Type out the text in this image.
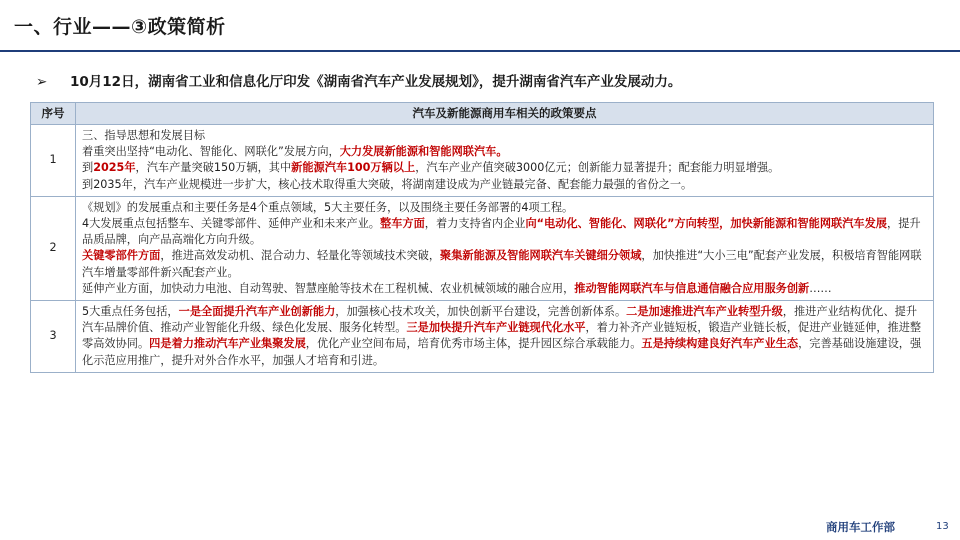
一、行业——③政策简析
➢ 10月12日，湖南省工业和信息化厅印发《湖南省汽车产业发展规划》，提升湖南省汽车产业发展动力。
序号	汽车及新能源商用车相关的政策要点
1	三、指导思想和发展目标
着重突出坚持“电动化、智能化、网联化”发展方向，大力发展新能源和智能网联汽车。
到2025年，汽车产量突破150万辆，其中新能源汽车100万辆以上，汽车产业产值突破3000亿元；创新能力显著提升；配套能力明显增强。
到2035年，汽车产业规模进一步扩大，核心技术取得重大突破，将湖南建设成为产业链最完备、配套能力最强的省份之一。

2	《规划》的发展重点和主要任务是4个重点领域，5大主要任务，以及围绕主要任务部署的4项工程。
4大发展重点包括整车、关键零部件、延伸产业和未来产业。整车方面，着力支持省内企业向“电动化、智能化、网联化”方向转型，加快新能源和智能网联汽车发展，提升品质品牌，向产品高端化方向升级。
关键零部件方面，推进高效发动机、混合动力、轻量化等领域技术突破，聚集新能源及智能网联汽车关键细分领域，加快推进“大小三电”配套产业发展，积极培育智能网联汽车增量零部件新兴配套产业。
延伸产业方面，加快动力电池、自动驾驶、智慧座舱等技术在工程机械、农业机械领域的融合应用，推动智能网联汽车与信息通信融合应用服务创新……

3	5大重点任务包括，一是全面提升汽车产业创新能力，加强核心技术攻关，加快创新平台建设，完善创新体系。二是加速推进汽车产业转型升级，推进产业结构优化、提升汽车品牌价值、推动产业智能化升级、绿色化发展、服务化转型。三是加快提升汽车产业链现代化水平，着力补齐产业链短板，锻造产业链长板，促进产业链延伸，推进整零高效协同。四是着力推动汽车产业集聚发展，优化产业空间布局，培育优秀市场主体，提升园区综合承载能力。五是持续构建良好汽车产业生态，完善基础设施建设，强化示范应用推广，提升对外合作水平，加强人才培育和引进。
商用车工作部	13
